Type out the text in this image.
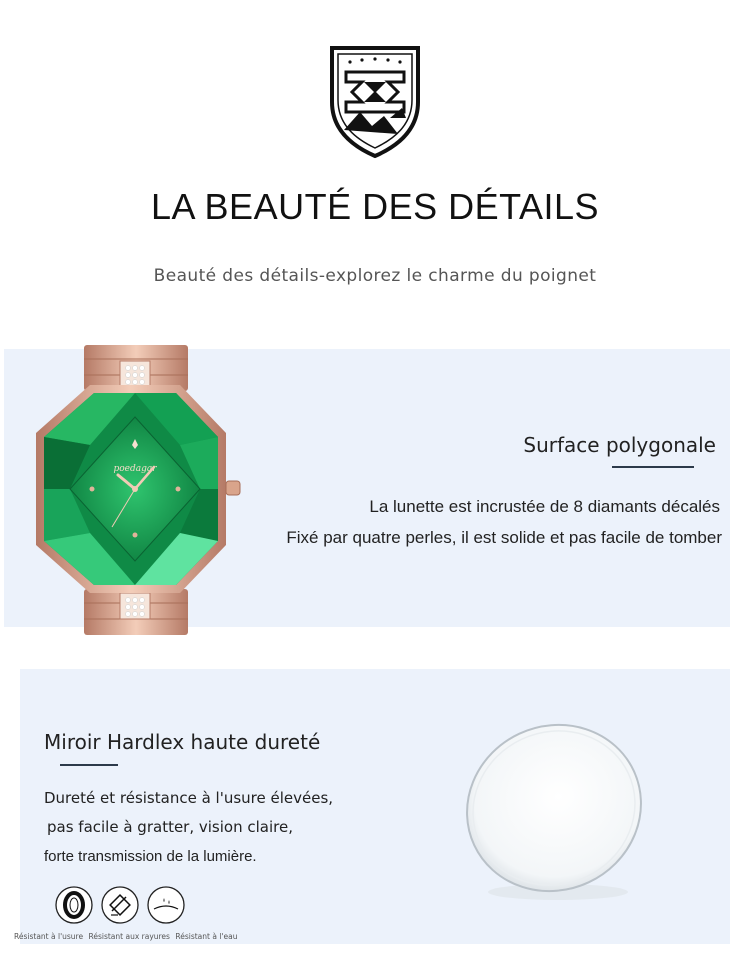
LA BEAUTÉ DES DÉTAILS
Beauté des détails-explorez le charme du poignet
poedagar
Surface polygonale
La lunette est incrustée de 8 diamants décalés
Fixé par quatre perles, il est solide et pas facile de tomber
Miroir Hardlex haute dureté
Dureté et résistance à l'usure élevées,
pas facile à gratter, vision claire,
forte transmission de la lumière.
Résistant à l'usure Résistant aux rayures Résistant à l'eau
